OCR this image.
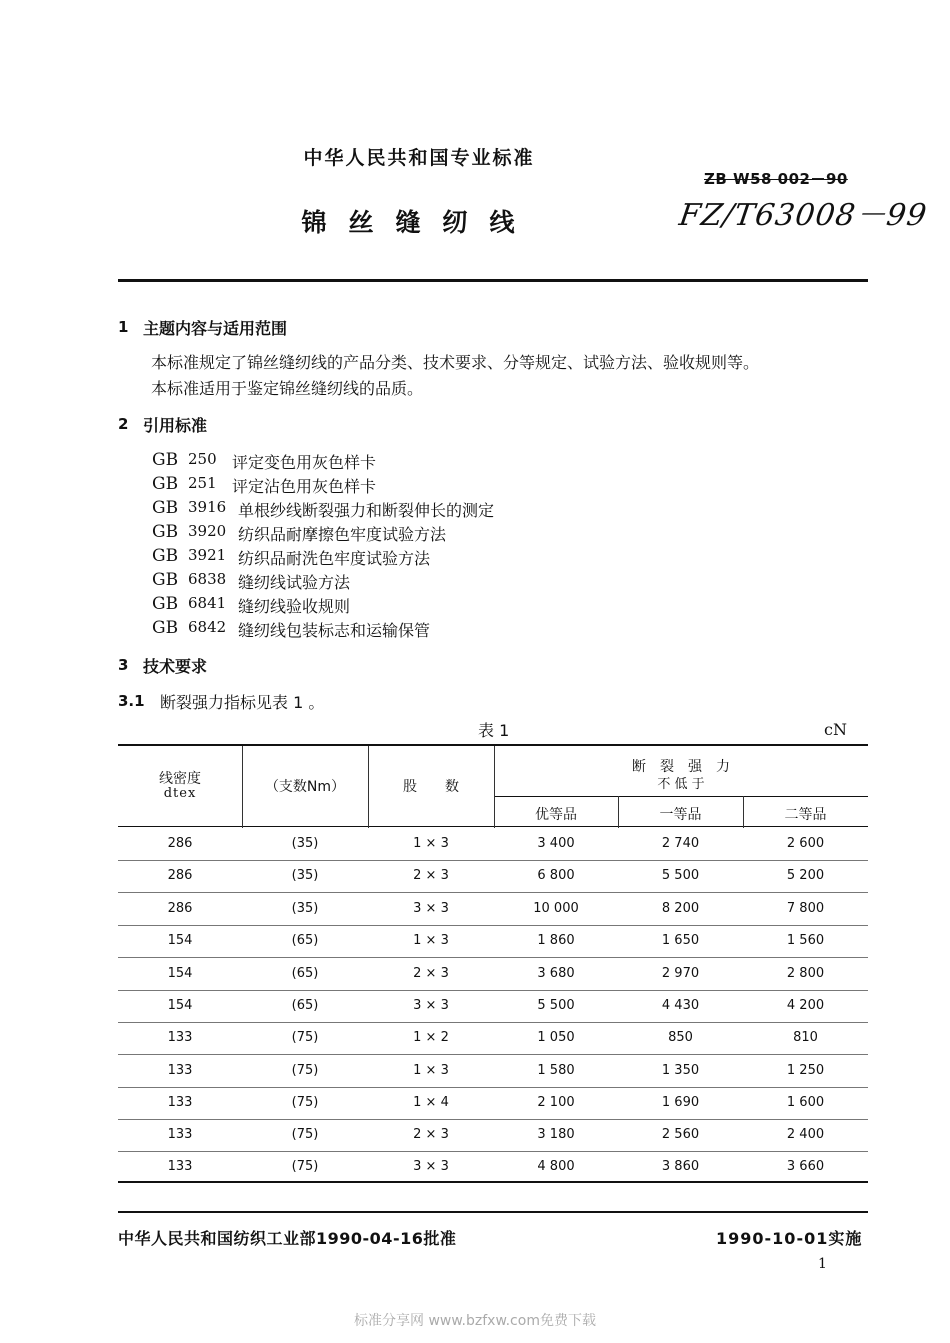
中华人民共和国专业标准
ZB W58 002－90
FZ/T63008－99
锦丝缝纫线
1 主题内容与适用范围
本标准规定了锦丝缝纫线的产品分类、技术要求、分等规定、试验方法、验收规则等。
本标准适用于鉴定锦丝缝纫线的品质。
2 引用标准
GB 250 评定变色用灰色样卡
GB 251 评定沾色用灰色样卡
GB 3916 单根纱线断裂强力和断裂伸长的测定
GB 3920 纺织品耐摩擦色牢度试验方法
GB 3921 纺织品耐洗色牢度试验方法
GB 6838 缝纫线试验方法
GB 6841 缝纫线验收规则
GB 6842 缝纫线包装标志和运输保管
3 技术要求
3.1 断裂强力指标见表 1 。
表 1	cN
线密度
dtex	（支数Nm）	股　　数
断　裂　强　力
不 低 于
优等品	一等品	二等品
286	(35)	1 × 3	3 400	2 740	2 600
286	(35)	2 × 3	6 800	5 500	5 200
286	(35)	3 × 3	10 000	8 200	7 800
154	(65)	1 × 3	1 860	1 650	1 560
154	(65)	2 × 3	3 680	2 970	2 800
154	(65)	3 × 3	5 500	4 430	4 200
133	(75)	1 × 2	1 050	850	810
133	(75)	1 × 3	1 580	1 350	1 250
133	(75)	1 × 4	2 100	1 690	1 600
133	(75)	2 × 3	3 180	2 560	2 400
133	(75)	3 × 3	4 800	3 860	3 660
中华人民共和国纺织工业部1990-04-16批准	1990-10-01实施
1
标准分享网 www.bzfxw.com免费下载
